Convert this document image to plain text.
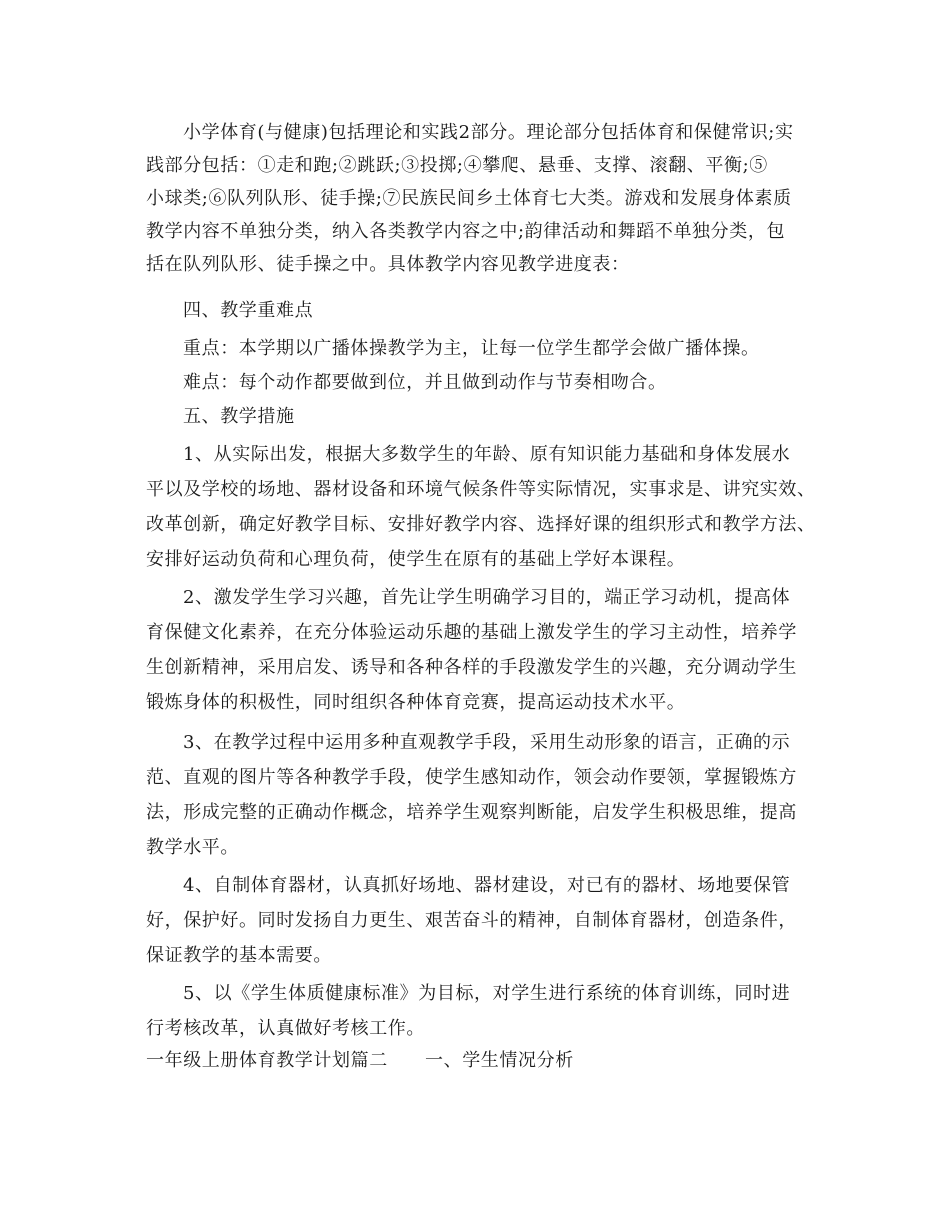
小学体育(与健康)包括理论和实践2部分。理论部分包括体育和保健常识;实
践部分包括：①走和跑;②跳跃;③投掷;④攀爬、悬垂、支撑、滚翻、平衡;⑤
小球类;⑥队列队形、徒手操;⑦民族民间乡土体育七大类。游戏和发展身体素质
教学内容不单独分类，纳入各类教学内容之中;韵律活动和舞蹈不单独分类，包
括在队列队形、徒手操之中。具体教学内容见教学进度表：
四、教学重难点
重点：本学期以广播体操教学为主，让每一位学生都学会做广播体操。
难点：每个动作都要做到位，并且做到动作与节奏相吻合。
五、教学措施
1、从实际出发，根据大多数学生的年龄、原有知识能力基础和身体发展水
平以及学校的场地、器材设备和环境气候条件等实际情况，实事求是、讲究实效、
改革创新，确定好教学目标、安排好教学内容、选择好课的组织形式和教学方法、
安排好运动负荷和心理负荷，使学生在原有的基础上学好本课程。
2、激发学生学习兴趣，首先让学生明确学习目的，端正学习动机，提高体
育保健文化素养，在充分体验运动乐趣的基础上激发学生的学习主动性，培养学
生创新精神，采用启发、诱导和各种各样的手段激发学生的兴趣，充分调动学生
锻炼身体的积极性，同时组织各种体育竞赛，提高运动技术水平。
3、在教学过程中运用多种直观教学手段，采用生动形象的语言，正确的示
范、直观的图片等各种教学手段，使学生感知动作，领会动作要领，掌握锻炼方
法，形成完整的正确动作概念，培养学生观察判断能，启发学生积极思维，提高
教学水平。
4、自制体育器材，认真抓好场地、器材建设，对已有的器材、场地要保管
好，保护好。同时发扬自力更生、艰苦奋斗的精神，自制体育器材，创造条件，
保证教学的基本需要。
5、以《学生体质健康标准》为目标，对学生进行系统的体育训练，同时进
行考核改革，认真做好考核工作。
一年级上册体育教学计划篇二　　一、学生情况分析
